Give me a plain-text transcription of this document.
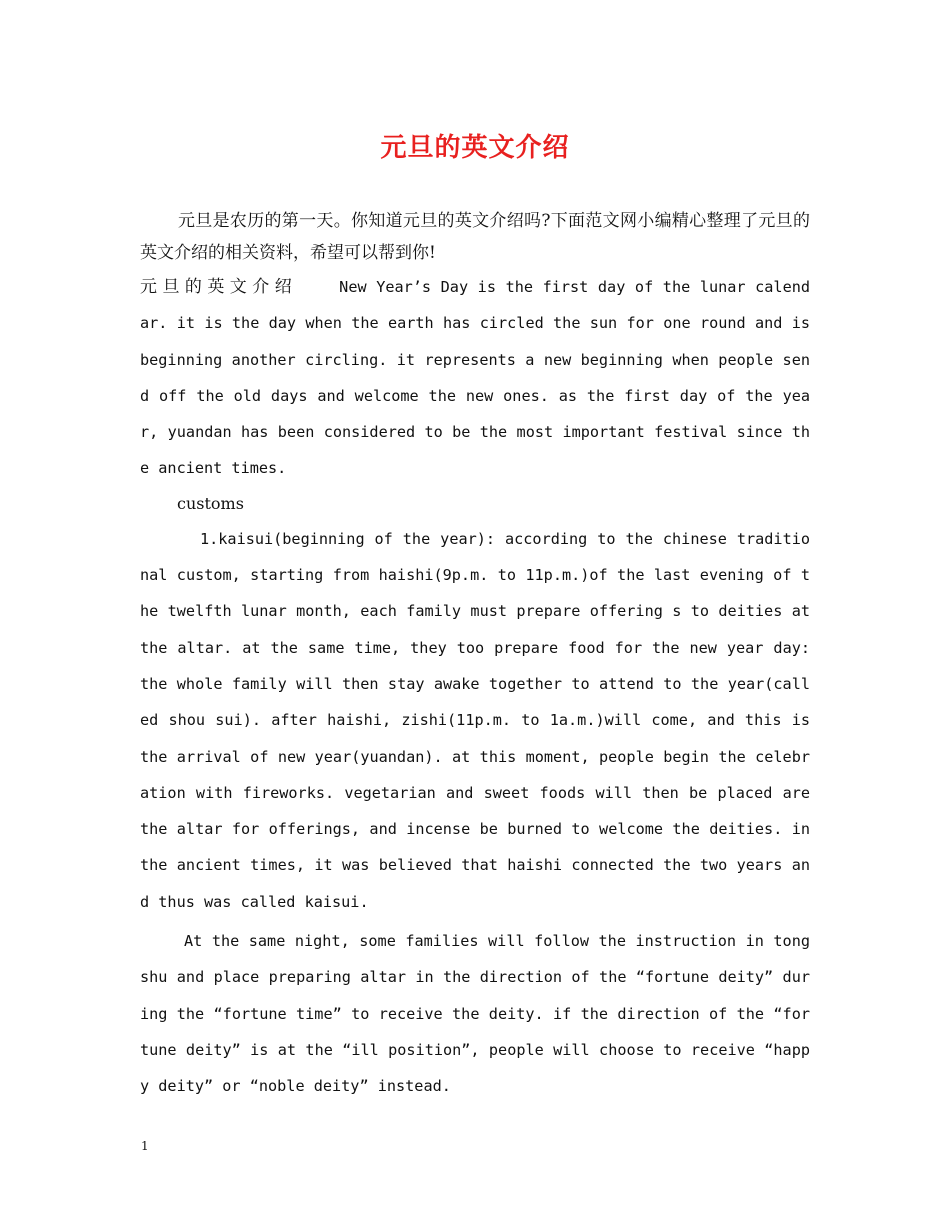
元旦的英文介绍

元旦是农历的第一天。你知道元旦的英文介绍吗?下面范文网小编精心整理了元旦的英文介绍的相关资料，希望可以帮到你!

元旦的英文介绍	New Year’s Day is the first day of the lunar calendar. it is the day when the earth has circled the sun for one round and is beginning another circling. it represents a new beginning when people send off the old days and welcome the new ones. as the first day of the year, yuandan has been considered to be the most important festival since the ancient times.

customs

1.kaisui(beginning of the year): according to the chinese traditional custom, starting from haishi(9p.m. to 11p.m.)of the last evening of the twelfth lunar month, each family must prepare offering s to deities at the altar. at the same time, they too prepare food for the new year day: the whole family will then stay awake together to attend to the year(called shou sui). after haishi, zishi(11p.m. to 1a.m.)will come, and this is the arrival of new year(yuandan). at this moment, people begin the celebration with fireworks. vegetarian and sweet foods will then be placed are the altar for offerings, and incense be burned to welcome the deities. in the ancient times, it was believed that haishi connected the two years and thus was called kaisui.

At the same night, some families will follow the instruction in tongshu and place preparing altar in the direction of the “fortune deity” during the “fortune time” to receive the deity. if the direction of the “fortune deity” is at the “ill position”, people will choose to receive “happy deity” or “noble deity” instead.

1
